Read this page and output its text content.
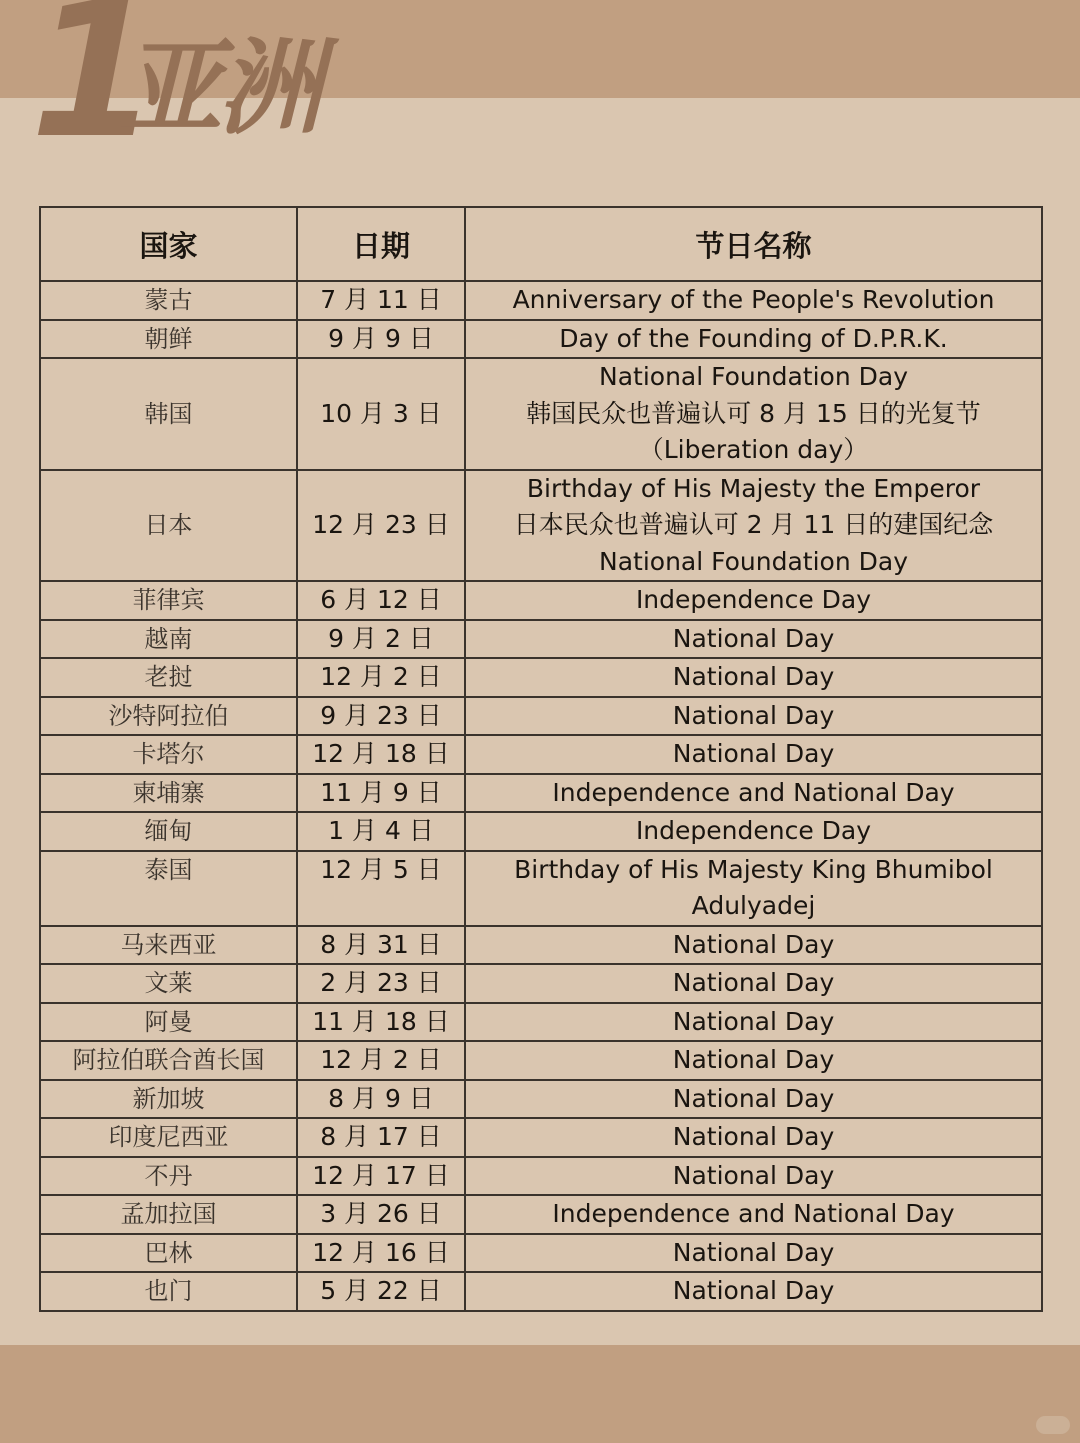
1
亚洲
国家	日期	节日名称
蒙古	7 月 11 日	Anniversary of the People's Revolution

朝鲜	9 月 9 日	Day of the Founding of D.P.R.K.

韩国	10 月 3 日	National Foundation Day
韩国民众也普遍认可 8 月 15 日的光复节
（Liberation day）

日本	12 月 23 日	Birthday of His Majesty the Emperor
日本民众也普遍认可 2 月 11 日的建国纪念
National Foundation Day

菲律宾	6 月 12 日	Independence Day

越南	9 月 2 日	National Day

老挝	12 月 2 日	National Day

沙特阿拉伯	9 月 23 日	National Day

卡塔尔	12 月 18 日	National Day

柬埔寨	11 月 9 日	Independence and National Day

缅甸	1 月 4 日	Independence Day

泰国	12 月 5 日	Birthday of His Majesty King Bhumibol
Adulyadej

马来西亚	8 月 31 日	National Day

文莱	2 月 23 日	National Day

阿曼	11 月 18 日	National Day

阿拉伯联合酋长国	12 月 2 日	National Day

新加坡	8 月 9 日	National Day

印度尼西亚	8 月 17 日	National Day

不丹	12 月 17 日	National Day

孟加拉国	3 月 26 日	Independence and National Day

巴林	12 月 16 日	National Day

也门	5 月 22 日	National Day
